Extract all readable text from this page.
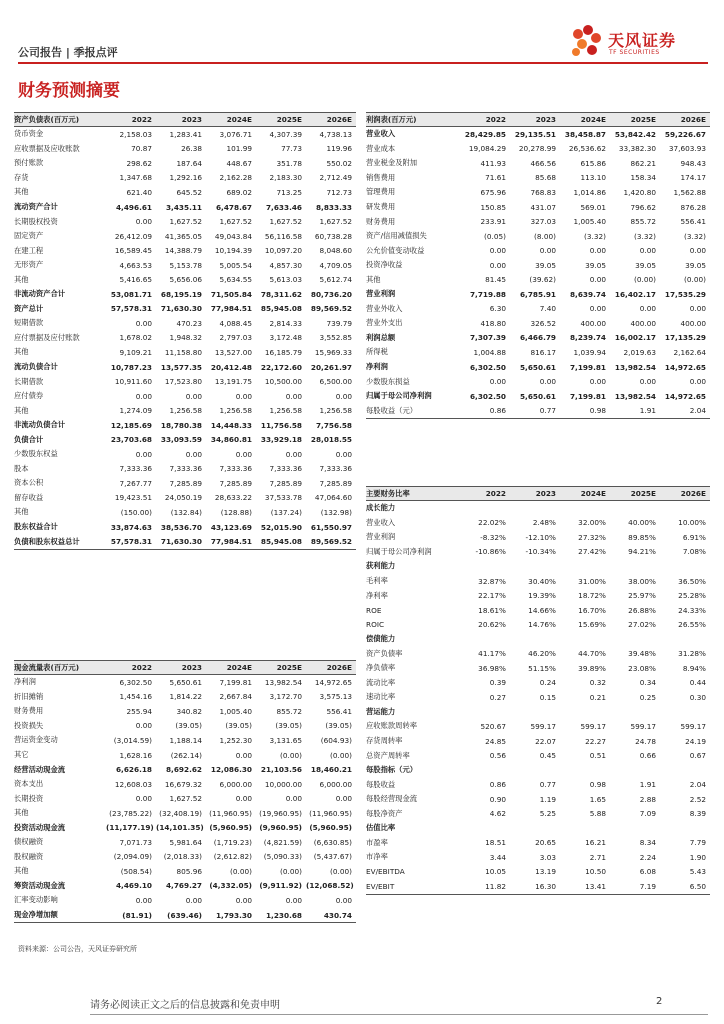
公司报告 | 季报点评
天风证券
TF SECURITIES
财务预测摘要
资产负债表(百万元)	2022	2023	2024E	2025E	2026E
货币资金	2,158.03	1,283.41	3,076.71	4,307.39	4,738.13
应收票据及应收账款	70.87	26.38	101.99	77.73	119.96
预付账款	298.62	187.64	448.67	351.78	550.02
存货	1,347.68	1,292.16	2,162.28	2,183.30	2,712.49
其他	621.40	645.52	689.02	713.25	712.73
流动资产合计	4,496.61	3,435.11	6,478.67	7,633.46	8,833.33
长期股权投资	0.00	1,627.52	1,627.52	1,627.52	1,627.52
固定资产	26,412.09	41,365.05	49,043.84	56,116.58	60,738.28
在建工程	16,589.45	14,388.79	10,194.39	10,097.20	8,048.60
无形资产	4,663.53	5,153.78	5,005.54	4,857.30	4,709.05
其他	5,416.65	5,656.06	5,634.55	5,613.03	5,612.74
非流动资产合计	53,081.71	68,195.19	71,505.84	78,311.62	80,736.20
资产总计	57,578.31	71,630.30	77,984.51	85,945.08	89,569.52
短期借款	0.00	470.23	4,088.45	2,814.33	739.79
应付票据及应付账款	1,678.02	1,948.32	2,797.03	3,172.48	3,552.85
其他	9,109.21	11,158.80	13,527.00	16,185.79	15,969.33
流动负债合计	10,787.23	13,577.35	20,412.48	22,172.60	20,261.97
长期借款	10,911.60	17,523.80	13,191.75	10,500.00	6,500.00
应付债券	0.00	0.00	0.00	0.00	0.00
其他	1,274.09	1,256.58	1,256.58	1,256.58	1,256.58
非流动负债合计	12,185.69	18,780.38	14,448.33	11,756.58	7,756.58
负债合计	23,703.68	33,093.59	34,860.81	33,929.18	28,018.55
少数股东权益	0.00	0.00	0.00	0.00	0.00
股本	7,333.36	7,333.36	7,333.36	7,333.36	7,333.36
资本公积	7,267.77	7,285.89	7,285.89	7,285.89	7,285.89
留存收益	19,423.51	24,050.19	28,633.22	37,533.78	47,064.60
其他	(150.00)	(132.84)	(128.88)	(137.24)	(132.98)
股东权益合计	33,874.63	38,536.70	43,123.69	52,015.90	61,550.97
负债和股东权益总计	57,578.31	71,630.30	77,984.51	85,945.08	89,569.52
利润表(百万元)	2022	2023	2024E	2025E	2026E
营业收入	28,429.85	29,135.51	38,458.87	53,842.42	59,226.67
营业成本	19,084.29	20,278.99	26,536.62	33,382.30	37,603.93
营业税金及附加	411.93	466.56	615.86	862.21	948.43
销售费用	71.61	85.68	113.10	158.34	174.17
管理费用	675.96	768.83	1,014.86	1,420.80	1,562.88
研发费用	150.85	431.07	569.01	796.62	876.28
财务费用	233.91	327.03	1,005.40	855.72	556.41
资产/信用减值损失	(0.05)	(8.00)	(3.32)	(3.32)	(3.32)
公允价值变动收益	0.00	0.00	0.00	0.00	0.00
投资净收益	0.00	39.05	39.05	39.05	39.05
其他	81.45	(39.62)	0.00	(0.00)	(0.00)
营业利润	7,719.88	6,785.91	8,639.74	16,402.17	17,535.29
营业外收入	6.30	7.40	0.00	0.00	0.00
营业外支出	418.80	326.52	400.00	400.00	400.00
利润总额	7,307.39	6,466.79	8,239.74	16,002.17	17,135.29
所得税	1,004.88	816.17	1,039.94	2,019.63	2,162.64
净利润	6,302.50	5,650.61	7,199.81	13,982.54	14,972.65
少数股东损益	0.00	0.00	0.00	0.00	0.00
归属于母公司净利润	6,302.50	5,650.61	7,199.81	13,982.54	14,972.65
每股收益（元）	0.86	0.77	0.98	1.91	2.04
主要财务比率	2022	2023	2024E	2025E	2026E
成长能力					
营业收入	22.02%	2.48%	32.00%	40.00%	10.00%
营业利润	-8.32%	-12.10%	27.32%	89.85%	6.91%
归属于母公司净利润	-10.86%	-10.34%	27.42%	94.21%	7.08%
获利能力					
毛利率	32.87%	30.40%	31.00%	38.00%	36.50%
净利率	22.17%	19.39%	18.72%	25.97%	25.28%
ROE	18.61%	14.66%	16.70%	26.88%	24.33%
ROIC	20.62%	14.76%	15.69%	27.02%	26.55%
偿债能力					
资产负债率	41.17%	46.20%	44.70%	39.48%	31.28%
净负债率	36.98%	51.15%	39.89%	23.08%	8.94%
流动比率	0.39	0.24	0.32	0.34	0.44
速动比率	0.27	0.15	0.21	0.25	0.30
营运能力					
应收账款周转率	520.67	599.17	599.17	599.17	599.17
存货周转率	24.85	22.07	22.27	24.78	24.19
总资产周转率	0.56	0.45	0.51	0.66	0.67
每股指标（元）					
每股收益	0.86	0.77	0.98	1.91	2.04
每股经营现金流	0.90	1.19	1.65	2.88	2.52
每股净资产	4.62	5.25	5.88	7.09	8.39
估值比率					
市盈率	18.51	20.65	16.21	8.34	7.79
市净率	3.44	3.03	2.71	2.24	1.90
EV/EBITDA	10.05	13.19	10.50	6.08	5.43
EV/EBIT	11.82	16.30	13.41	7.19	6.50
现金流量表(百万元)	2022	2023	2024E	2025E	2026E
净利润	6,302.50	5,650.61	7,199.81	13,982.54	14,972.65
折旧摊销	1,454.16	1,814.22	2,667.84	3,172.70	3,575.13
财务费用	255.94	340.82	1,005.40	855.72	556.41
投资损失	0.00	(39.05)	(39.05)	(39.05)	(39.05)
营运资金变动	(3,014.59)	1,188.14	1,252.30	3,131.65	(604.93)
其它	1,628.16	(262.14)	0.00	(0.00)	(0.00)
经营活动现金流	6,626.18	8,692.62	12,086.30	21,103.56	18,460.21
资本支出	12,608.03	16,679.32	6,000.00	10,000.00	6,000.00
长期投资	0.00	1,627.52	0.00	0.00	0.00
其他	(23,785.22)	(32,408.19)	(11,960.95)	(19,960.95)	(11,960.95)
投资活动现金流	(11,177.19)	(14,101.35)	(5,960.95)	(9,960.95)	(5,960.95)
债权融资	7,071.73	5,981.64	(1,719.23)	(4,821.59)	(6,630.85)
股权融资	(2,094.09)	(2,018.33)	(2,612.82)	(5,090.33)	(5,437.67)
其他	(508.54)	805.96	(0.00)	(0.00)	(0.00)
筹资活动现金流	4,469.10	4,769.27	(4,332.05)	(9,911.92)	(12,068.52)
汇率变动影响	0.00	0.00	0.00	0.00	0.00
现金净增加额	(81.91)	(639.46)	1,793.30	1,230.68	430.74
资料来源：公司公告，天风证券研究所
请务必阅读正文之后的信息披露和免责申明	2
